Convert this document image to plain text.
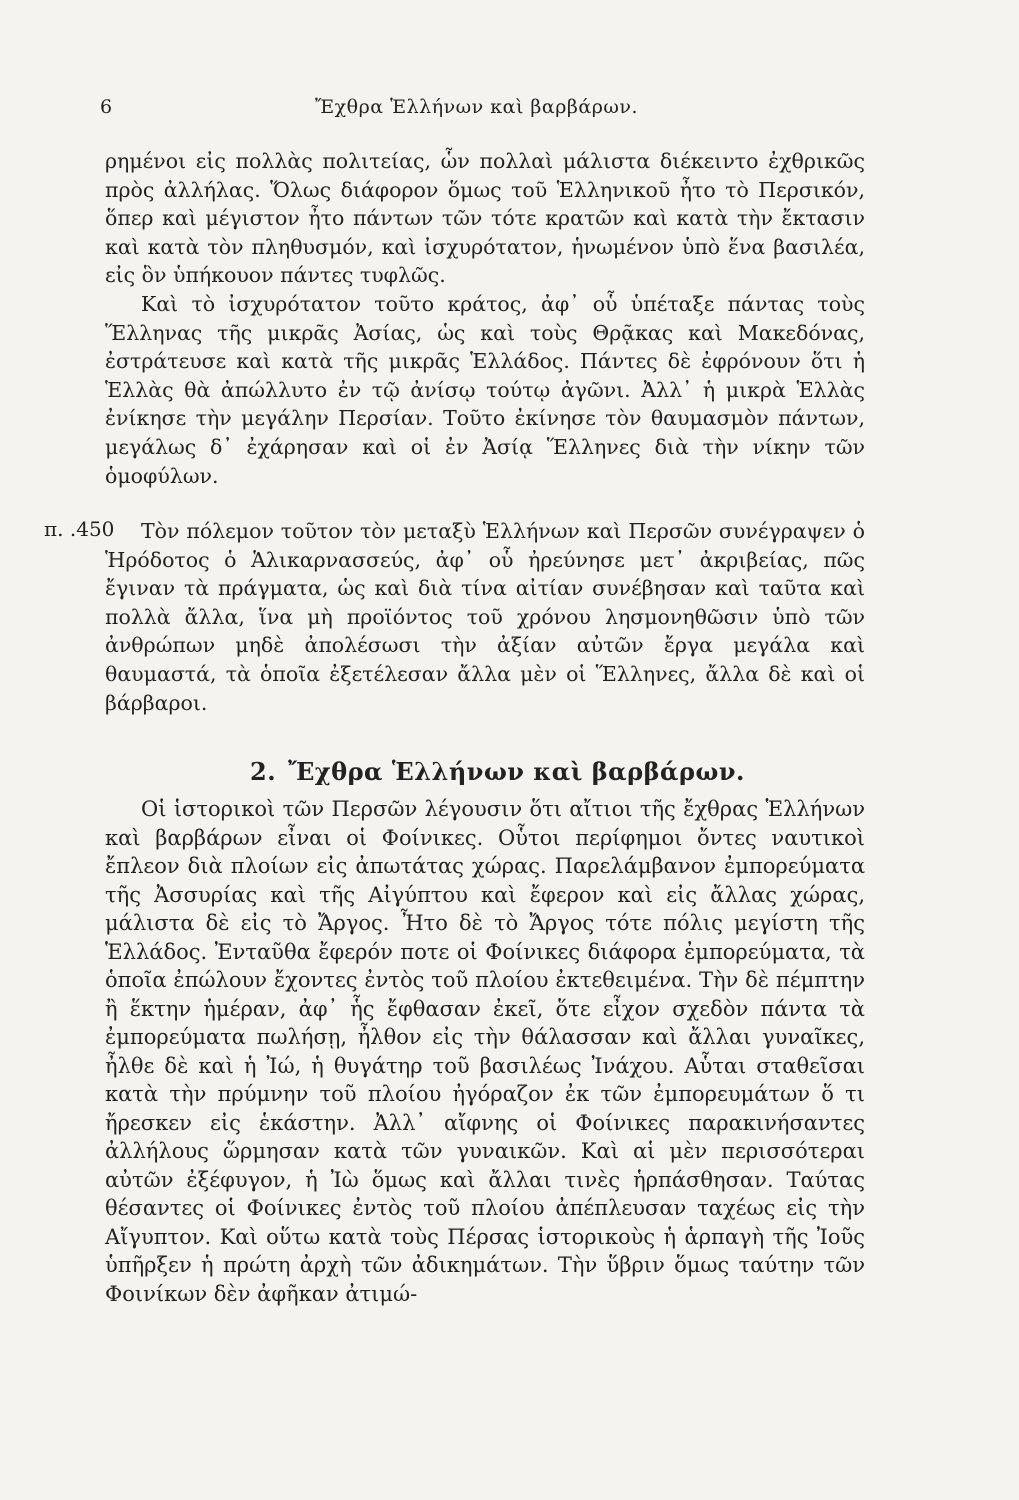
6	Ἔχθρα Ἑλλήνων καὶ βαρβάρων.

ρημένοι εἰς πολλὰς πολιτείας, ὧν πολλαὶ μάλιστα διέκειντο ἐχθρικῶς πρὸς ἀλλήλας. Ὅλως διάφορον ὅμως τοῦ Ἑλληνικοῦ ἦτο τὸ Περσικόν, ὅπερ καὶ μέγιστον ἦτο πάντων τῶν τότε κρατῶν καὶ κατὰ τὴν ἔκτασιν καὶ κατὰ τὸν πληθυσμόν, καὶ ἰσχυρότατον, ἡνωμένον ὑπὸ ἕνα βασιλέα, εἰς ὃν ὑπήκουον πάντες τυφλῶς.

Καὶ τὸ ἰσχυρότατον τοῦτο κράτος, ἀφ᾽ οὗ ὑπέταξε πάντας τοὺς Ἕλληνας τῆς μικρᾶς Ἀσίας, ὡς καὶ τοὺς Θρᾷκας καὶ Μακεδόνας, ἐστράτευσε καὶ κατὰ τῆς μικρᾶς Ἑλλάδος. Πάντες δὲ ἐφρόνουν ὅτι ἡ Ἑλλὰς θὰ ἀπώλλυτο ἐν τῷ ἀνίσῳ τούτῳ ἀγῶνι. Ἀλλ᾽ ἡ μικρὰ Ἑλλὰς ἐνίκησε τὴν μεγάλην Περσίαν. Τοῦτο ἐκίνησε τὸν θαυμασμὸν πάντων, μεγάλως δ᾽ ἐχάρησαν καὶ οἱ ἐν Ἀσίᾳ Ἕλληνες διὰ τὴν νίκην τῶν ὁμοφύλων.

π. .450	Τὸν πόλεμον τοῦτον τὸν μεταξὺ Ἑλλήνων καὶ Περσῶν συνέγραψεν ὁ Ἡρόδοτος ὁ Ἁλικαρνασσεύς, ἀφ᾽ οὗ ἠρεύνησε μετ᾽ ἀκριβείας, πῶς ἔγιναν τὰ πράγματα, ὡς καὶ διὰ τίνα αἰτίαν συνέβησαν καὶ ταῦτα καὶ πολλὰ ἄλλα, ἵνα μὴ προϊόντος τοῦ χρόνου λησμονηθῶσιν ὑπὸ τῶν ἀνθρώπων μηδὲ ἀπολέσωσι τὴν ἀξίαν αὐτῶν ἔργα μεγάλα καὶ θαυμαστά, τὰ ὁποῖα ἐξετέλεσαν ἄλλα μὲν οἱ Ἕλληνες, ἄλλα δὲ καὶ οἱ βάρβαροι.

2. Ἔχθρα Ἑλλήνων καὶ βαρβάρων.

Οἱ ἱστορικοὶ τῶν Περσῶν λέγουσιν ὅτι αἴτιοι τῆς ἔχθρας Ἑλλήνων καὶ βαρβάρων εἶναι οἱ Φοίνικες. Οὗτοι περίφημοι ὄντες ναυτικοὶ ἔπλεον διὰ πλοίων εἰς ἀπωτάτας χώρας. Παρελάμβανον ἐμπορεύματα τῆς Ἀσσυρίας καὶ τῆς Αἰγύπτου καὶ ἔφερον καὶ εἰς ἄλλας χώρας, μάλιστα δὲ εἰς τὸ Ἄργος. Ἦτο δὲ τὸ Ἄργος τότε πόλις μεγίστη τῆς Ἑλλάδος. Ἐνταῦθα ἔφερόν ποτε οἱ Φοίνικες διάφορα ἐμπορεύματα, τὰ ὁποῖα ἐπώλουν ἔχοντες ἐντὸς τοῦ πλοίου ἐκτεθειμένα. Τὴν δὲ πέμπτην ἢ ἕκτην ἡμέραν, ἀφ᾽ ἧς ἔφθασαν ἐκεῖ, ὅτε εἶχον σχεδὸν πάντα τὰ ἐμπορεύματα πωλήσῃ, ἦλθον εἰς τὴν θάλασσαν καὶ ἄλλαι γυναῖκες, ἦλθε δὲ καὶ ἡ Ἰώ, ἡ θυγάτηρ τοῦ βασιλέως Ἰνάχου. Αὗται σταθεῖσαι κατὰ τὴν πρύμνην τοῦ πλοίου ἠγόραζον ἐκ τῶν ἐμπορευμάτων ὅ τι ἤρεσκεν εἰς ἑκάστην. Ἀλλ᾽ αἴφνης οἱ Φοίνικες παρακινήσαντες ἀλλήλους ὥρμησαν κατὰ τῶν γυναικῶν. Καὶ αἱ μὲν περισσότεραι αὐτῶν ἐξέφυγον, ἡ Ἰὼ ὅμως καὶ ἄλλαι τινὲς ἡρπάσθησαν. Ταύτας θέσαντες οἱ Φοίνικες ἐντὸς τοῦ πλοίου ἀπέπλευσαν ταχέως εἰς τὴν Αἴγυπτον. Καὶ οὕτω κατὰ τοὺς Πέρσας ἱστορικοὺς ἡ ἁρπαγὴ τῆς Ἰοῦς ὑπῆρξεν ἡ πρώτη ἀρχὴ τῶν ἀδικημάτων. Τὴν ὕβριν ὅμως ταύτην τῶν Φοινίκων δὲν ἀφῆκαν ἀτιμώ-
